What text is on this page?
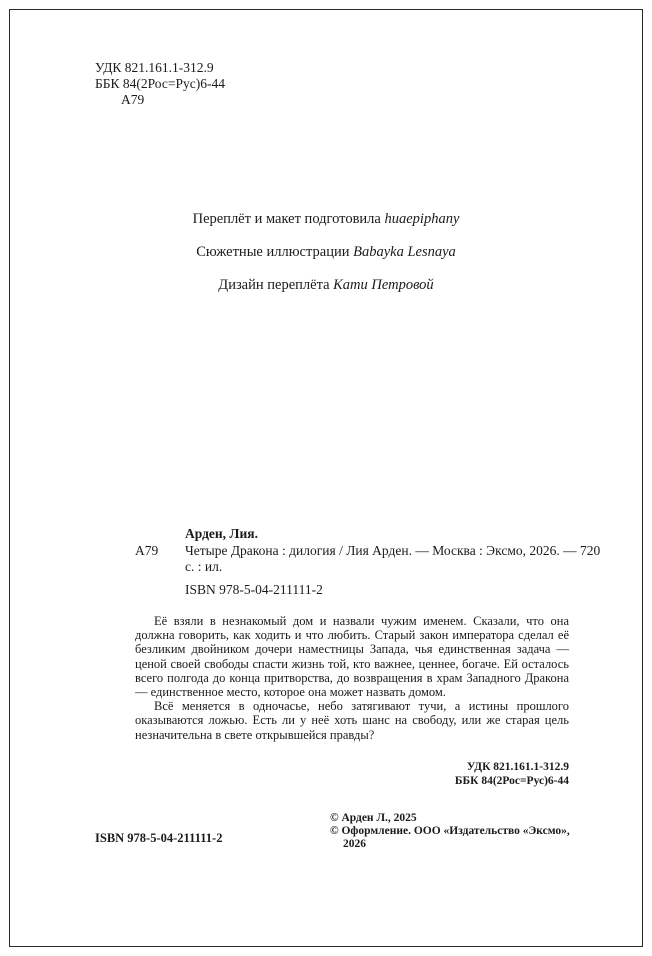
УДК 821.161.1-312.9
ББК 84(2Рос=Рус)6-44
А79

Переплёт и макет подготовила huaepiphany

Сюжетные иллюстрации Babayka Lesnaya

Дизайн переплёта Кати Петровой

Арден, Лия.
А79	Четыре Дракона : дилогия / Лия Арден. — Москва : Эксмо, 2026. — 720 с. : ил.
ISBN 978-5-04-211111-2

Её взяли в незнакомый дом и назвали чужим именем. Сказали, что она должна говорить, как ходить и что любить. Старый закон императора сделал её безликим двойником дочери наместницы Запада, чья единственная задача — ценой своей свободы спасти жизнь той, кто важнее, ценнее, богаче. Ей осталось всего полгода до конца притворства, до возвращения в храм Западного Дракона — единственное место, которое она может назвать домом.

Всё меняется в одночасье, небо затягивают тучи, а истины прошлого оказываются ложью. Есть ли у неё хоть шанс на свободу, или же старая цель незначительна в свете открывшейся правды?

УДК 821.161.1-312.9
ББК 84(2Рос=Рус)6-44
ISBN 978-5-04-211111-2
© Арден Л., 2025
© Оформление. ООО «Издательство «Эксмо», 2026
